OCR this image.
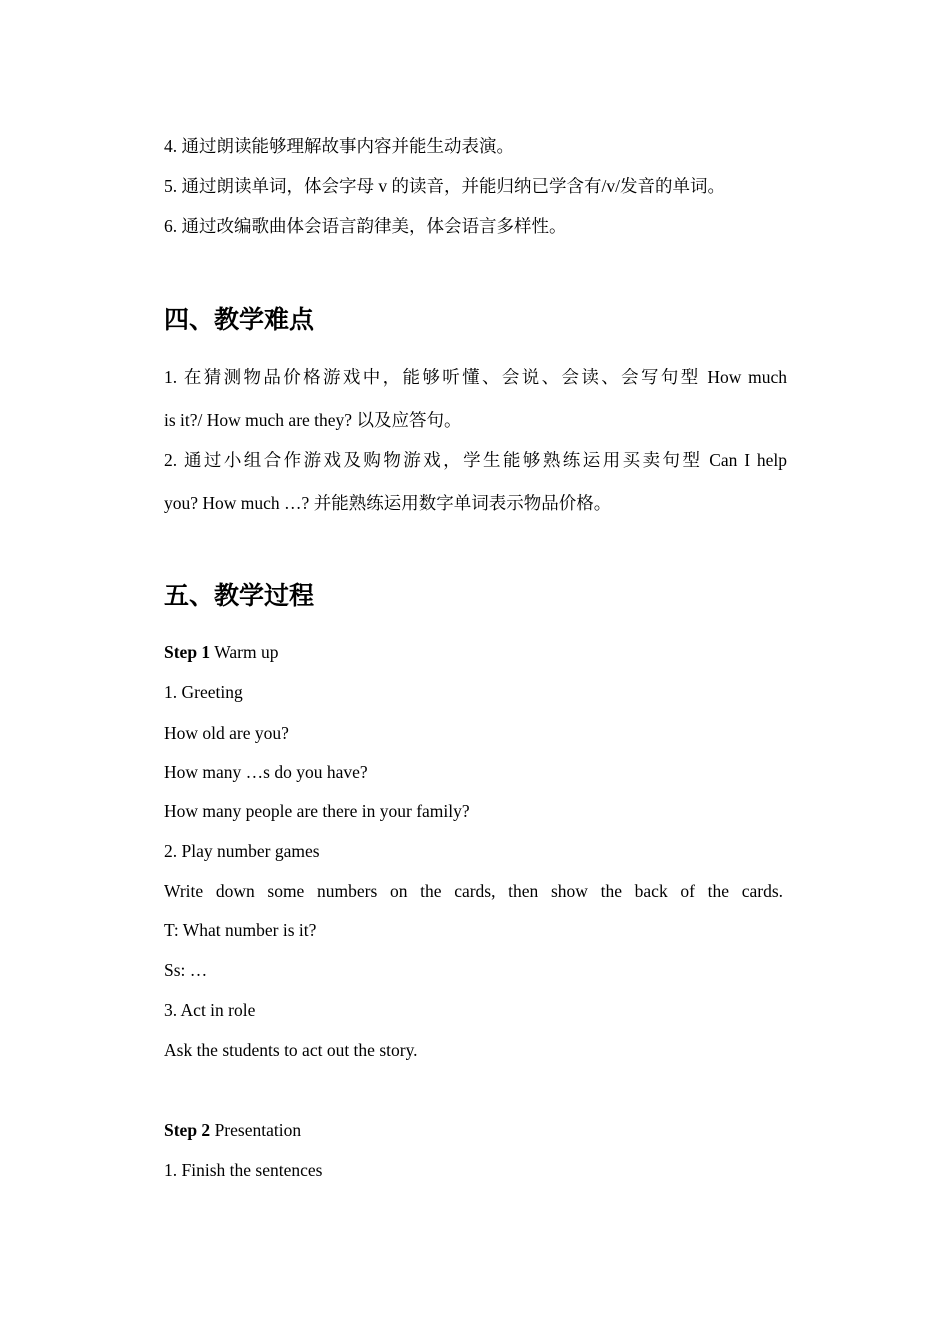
4. 通过朗读能够理解故事内容并能生动表演。
5. 通过朗读单词，体会字母 v 的读音，并能归纳已学含有/v/发音的单词。
6. 通过改编歌曲体会语言韵律美，体会语言多样性。
四、教学难点
1. 在猜测物品价格游戏中，能够听懂、会说、会读、会写句型 How much
is it?/ How much are they? 以及应答句。
2. 通过小组合作游戏及购物游戏，学生能够熟练运用买卖句型 Can I help
you? How much …? 并能熟练运用数字单词表示物品价格。
五、教学过程
Step 1 Warm up
1. Greeting
How old are you?
How many …s do you have?
How many people are there in your family?
2. Play number games
Write down some numbers on the cards, then show the back of the cards.
T: What number is it?
Ss: …
3. Act in role
Ask the students to act out the story.
Step 2 Presentation
1. Finish the sentences
